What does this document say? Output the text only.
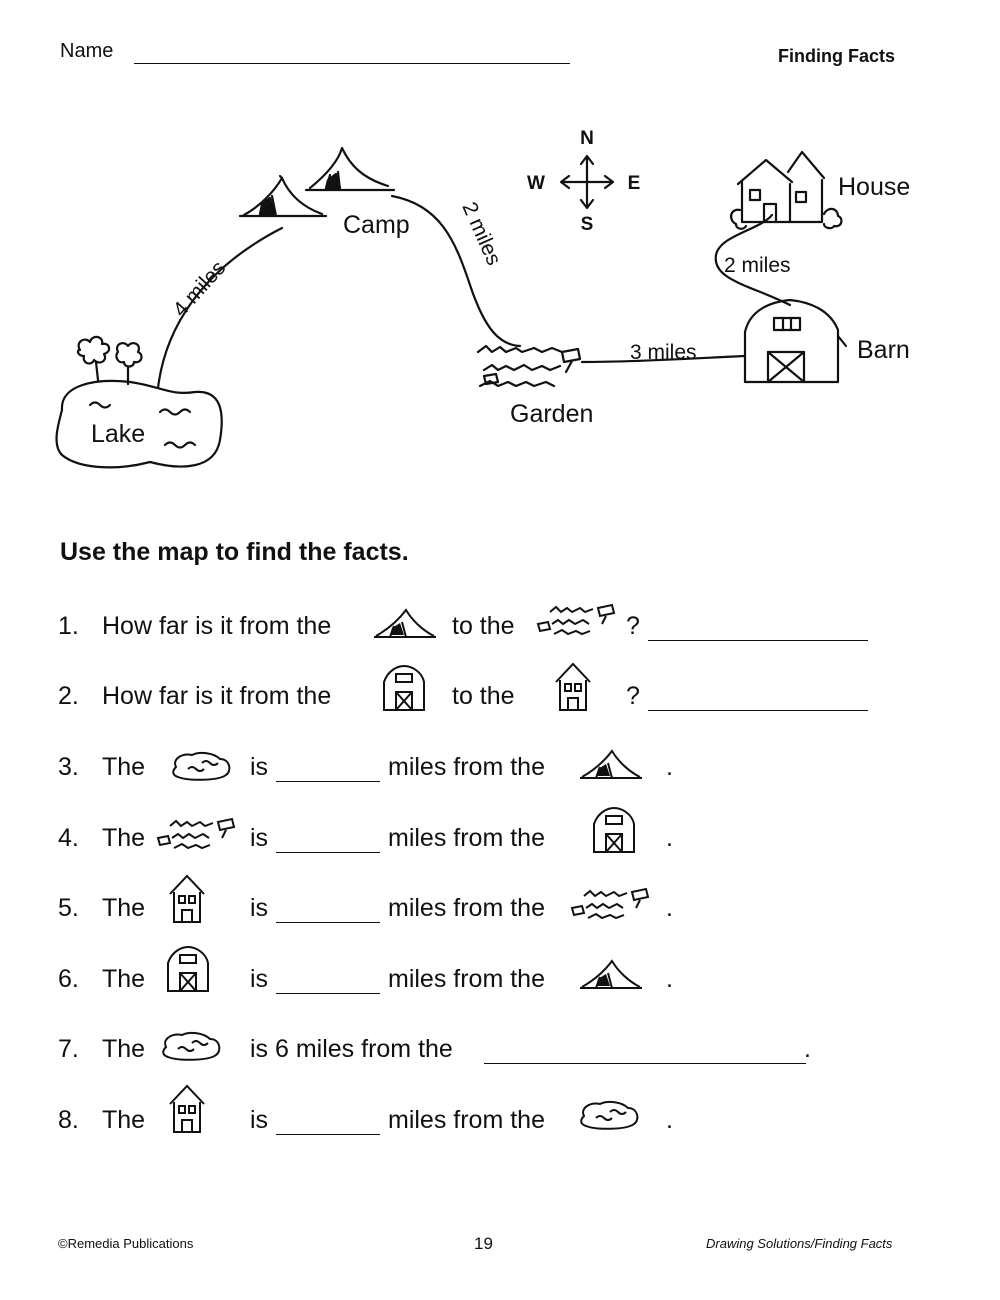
Name	Finding Facts
N
S
W	E
Camp
House
Barn
Garden
Lake
4 miles
2 miles
3 miles
2 miles
Use the map to find the facts.
1. How far is it from the	to the	?
2. How far is it from the	to the	?
3. The	is	miles from the	.
4. The	is	miles from the	.
5. The	is	miles from the	.
6. The	is	miles from the	.
7. The	is 6 miles from the	.
8. The	is	miles from the	.
©Remedia Publications	19	Drawing Solutions/Finding Facts
